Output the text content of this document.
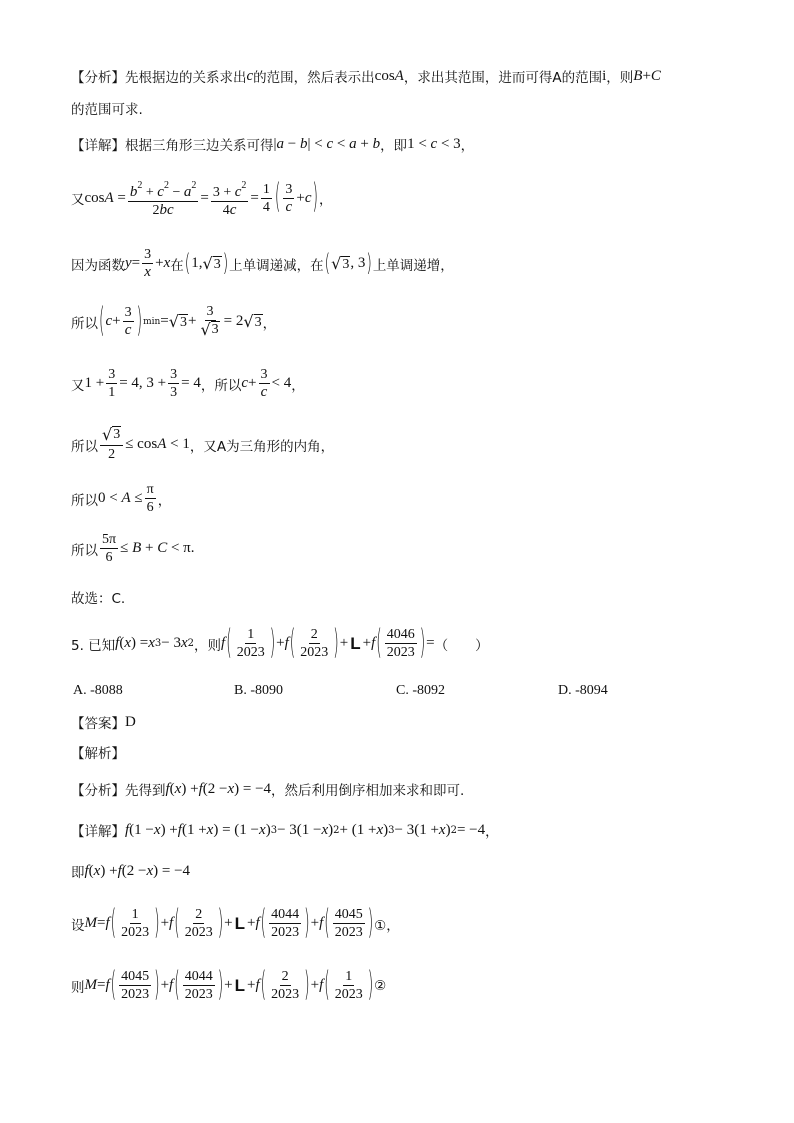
【分析】 先根据边的关系求出 c 的范围，然后表示出 cosA ，求出其范围，进而可得A的范围 i ，则 B + C
的范围可求.
【详解】 根据三角形三边关系可得 |a − b| < c < a + b ，即 1 < c < 3 ，
又 $\cos A = \frac{b^2 + c^2 - a^2}{2bc} = \frac{3 + c^2}{4c} = \frac{1}{4}$ ( $\frac{3}{c} + c$ ) ，
因为函数 $y = \frac{3}{x} + x$ 在 ( 1, √ 3 ) 上单调递减，在 ( √ 3 , 3 ) 上单调递增，
所以 ( $c + \frac{3}{c}$ ) min = √ $3 + \frac{3}{√ 3} = 2$ √ 3 ，
又 $1 + \frac{3}{1} = 4$, $3 + \frac{3}{3} = 4$ ，所以 $c + \frac{3}{c} < 4$ ，
所以 $\frac{√ 3}{2} \le \cos A < 1$ ，又A为三角形的内角，
所以 $0 < A \le \frac{\pi}{6}$ ，
所以 $\frac{5\pi}{6} \le B + C < \pi$ .
故选：C.
5. 已知 f ( x ) = x 3 − 3 x 2 ，则 f ( $\frac{1}{2023}$ ) + f ( $\frac{2}{2023}$ ) + L + f ( $\frac{4046}{2023}$ ) = （　　）
A. -8088	B. -8090	C. -8092	D. -8094
【答案】 D
【解析】
【分析】 先得到 f ( x ) + f (2 − x ) = −4 ，然后利用倒序相加来求和即可.
【详解】 f (1 − x ) + f (1 + x ) = (1 − x ) 3 − 3(1 − x ) 2 + (1 + x ) 3 − 3(1 + x ) 2 = −4 ，
即 f ( x ) + f (2 − x ) = −4
设 M = f ( $\frac{1}{2023}$ ) + f ( $\frac{2}{2023}$ ) + L + f ( $\frac{4044}{2023}$ ) + f ( $\frac{4045}{2023}$ ) ①，
则 M = f ( $\frac{4045}{2023}$ ) + f ( $\frac{4044}{2023}$ ) + L + f ( $\frac{2}{2023}$ ) + f ( $\frac{1}{2023}$ ) ②
